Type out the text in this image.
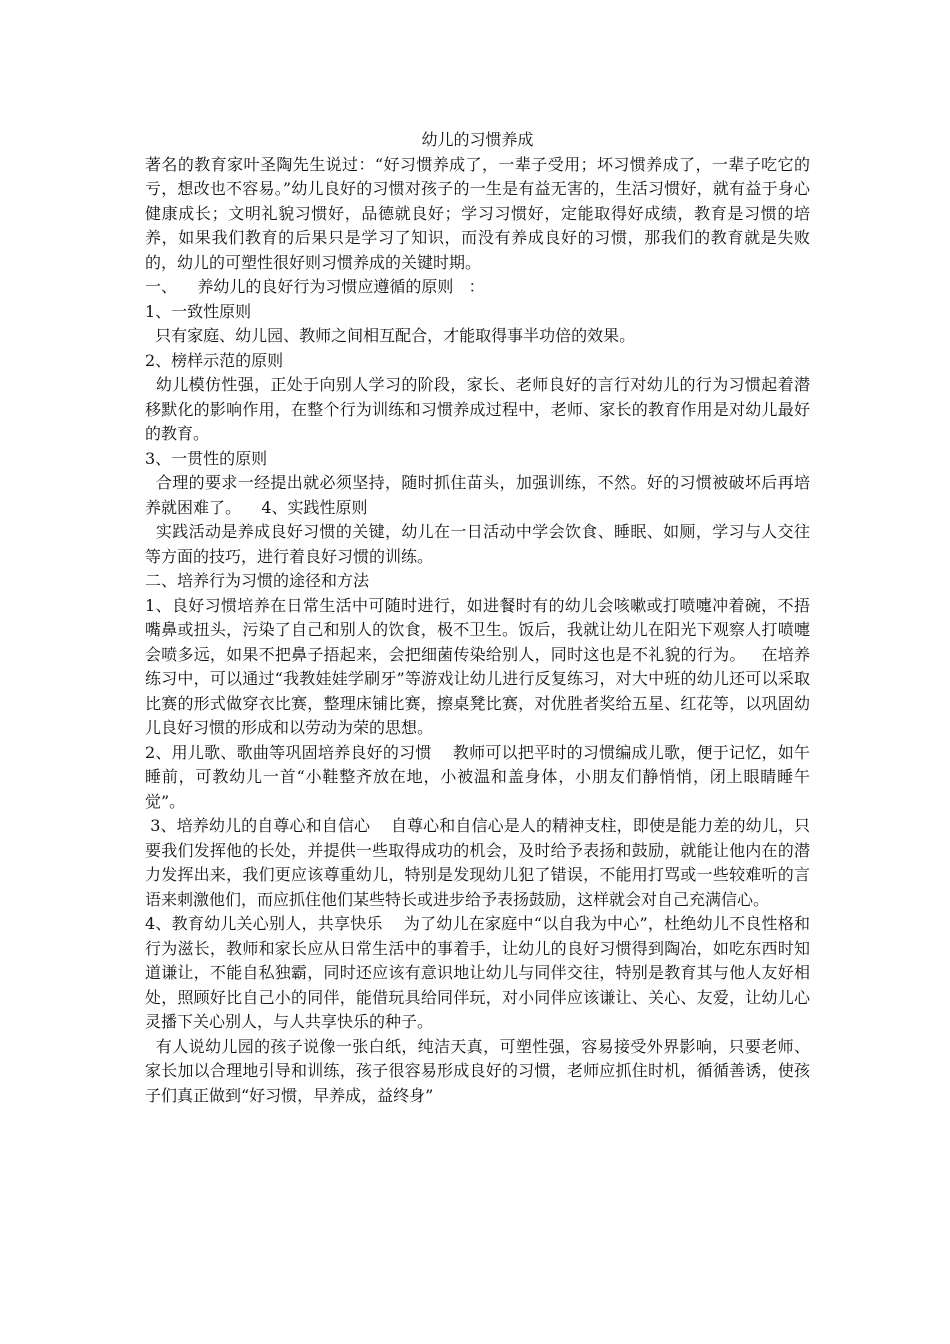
幼儿的习惯养成

著名的教育家叶圣陶先生说过：“好习惯养成了，一辈子受用；坏习惯养成了，一辈子吃它的亏，想改也不容易。”幼儿良好的习惯对孩子的一生是有益无害的，生活习惯好，就有益于身心健康成长；文明礼貌习惯好，品德就良好；学习习惯好，定能取得好成绩，教育是习惯的培养，如果我们教育的后果只是学习了知识，而没有养成良好的习惯，那我们的教育就是失败的，幼儿的可塑性很好则习惯养成的关键时期。

一、    养幼儿的良好行为习惯应遵循的原则   ：

1、一致性原则

只有家庭、幼儿园、教师之间相互配合，才能取得事半功倍的效果。

2、榜样示范的原则

幼儿模仿性强，正处于向别人学习的阶段，家长、老师良好的言行对幼儿的行为习惯起着潜移默化的影响作用，在整个行为训练和习惯养成过程中，老师、家长的教育作用是对幼儿最好的教育。

3、一贯性的原则

合理的要求一经提出就必须坚持，随时抓住苗头，加强训练，不然。好的习惯被破坏后再培养就困难了。    4、实践性原则

实践活动是养成良好习惯的关键，幼儿在一日活动中学会饮食、睡眠、如厕，学习与人交往等方面的技巧，进行着良好习惯的训练。

二、培养行为习惯的途径和方法

1、良好习惯培养在日常生活中可随时进行，如进餐时有的幼儿会咳嗽或打喷嚏冲着碗，不捂嘴鼻或扭头，污染了自己和别人的饮食，极不卫生。饭后，我就让幼儿在阳光下观察人打喷嚏会喷多远，如果不把鼻子捂起来，会把细菌传染给别人，同时这也是不礼貌的行为。   在培养练习中，可以通过“我教娃娃学刷牙”等游戏让幼儿进行反复练习，对大中班的幼儿还可以采取比赛的形式做穿衣比赛，整理床铺比赛，擦桌凳比赛，对优胜者奖给五星、红花等，以巩固幼儿良好习惯的形成和以劳动为荣的思想。

2、用儿歌、歌曲等巩固培养良好的习惯    教师可以把平时的习惯编成儿歌，便于记忆，如午睡前，可教幼儿一首“小鞋整齐放在地，小被温和盖身体，小朋友们静悄悄，闭上眼睛睡午觉”。

3、培养幼儿的自尊心和自信心    自尊心和自信心是人的精神支柱，即使是能力差的幼儿，只要我们发挥他的长处，并提供一些取得成功的机会，及时给予表扬和鼓励，就能让他内在的潜力发挥出来，我们更应该尊重幼儿，特别是发现幼儿犯了错误，不能用打骂或一些较难听的言语来刺激他们，而应抓住他们某些特长或进步给予表扬鼓励，这样就会对自己充满信心。

4、教育幼儿关心别人，共享快乐    为了幼儿在家庭中“以自我为中心”，杜绝幼儿不良性格和行为滋长，教师和家长应从日常生活中的事着手，让幼儿的良好习惯得到陶冶，如吃东西时知道谦让，不能自私独霸，同时还应该有意识地让幼儿与同伴交往，特别是教育其与他人友好相处，照顾好比自己小的同伴，能借玩具给同伴玩，对小同伴应该谦让、关心、友爱，让幼儿心灵播下关心别人，与人共享快乐的种子。

有人说幼儿园的孩子说像一张白纸，纯洁天真，可塑性强，容易接受外界影响，只要老师、家长加以合理地引导和训练，孩子很容易形成良好的习惯，老师应抓住时机，循循善诱，使孩子们真正做到“好习惯，早养成，益终身”
